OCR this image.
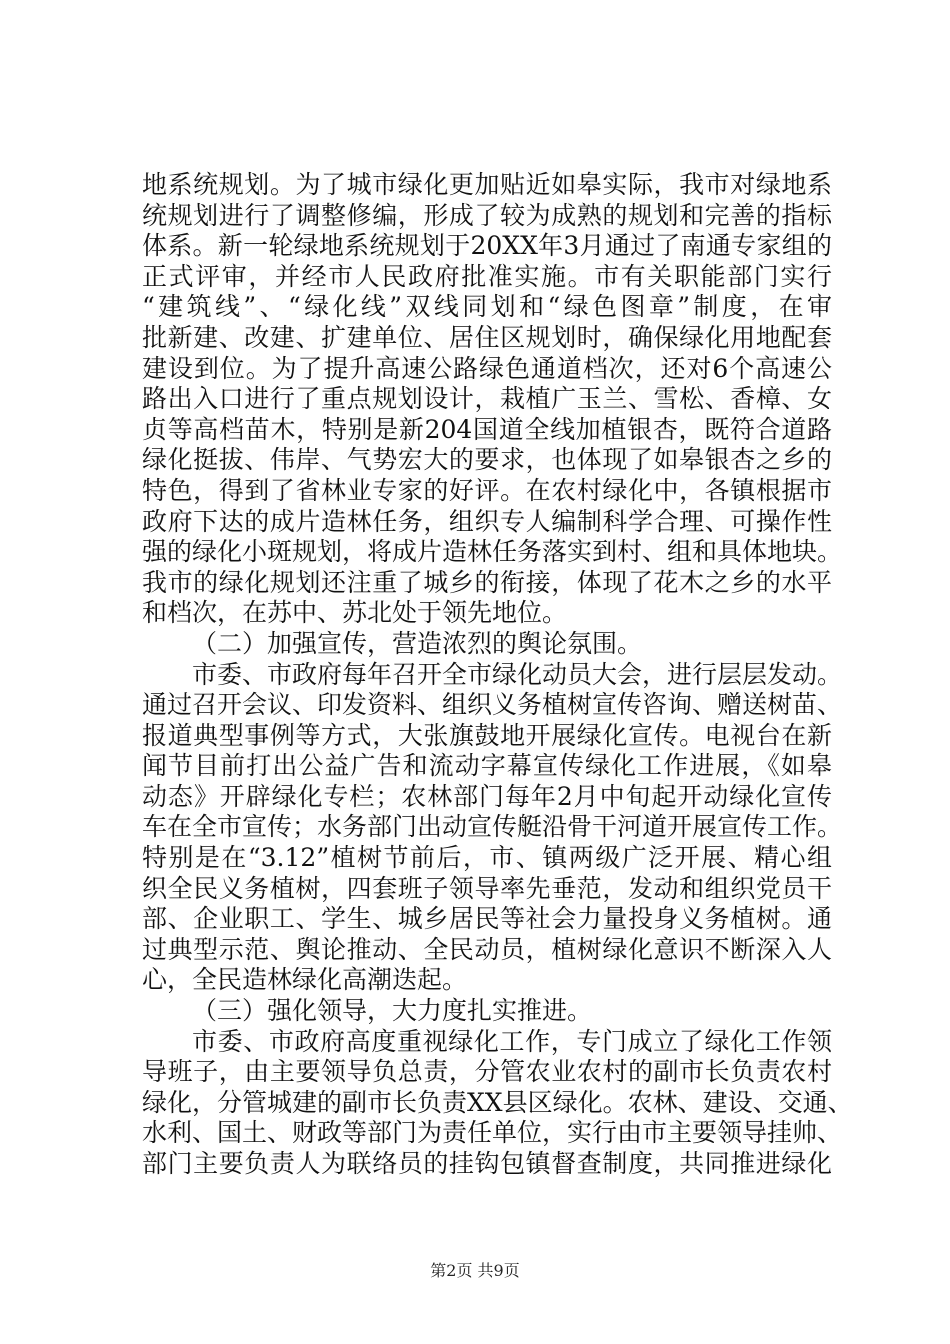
地系统规划。为了城市绿化更加贴近如皋实际，我市对绿地系
统规划进行了调整修编，形成了较为成熟的规划和完善的指标
体系。新一轮绿地系统规划于20XX年3月通过了南通专家组的
正式评审，并经市人民政府批准实施。市有关职能部门实行
“建筑线”、“绿化线”双线同划和“绿色图章”制度，在审
批新建、改建、扩建单位、居住区规划时，确保绿化用地配套
建设到位。为了提升高速公路绿色通道档次，还对6个高速公
路出入口进行了重点规划设计，栽植广玉兰、雪松、香樟、女
贞等高档苗木，特别是新204国道全线加植银杏，既符合道路
绿化挺拔、伟岸、气势宏大的要求，也体现了如皋银杏之乡的
特色，得到了省林业专家的好评。在农村绿化中，各镇根据市
政府下达的成片造林任务，组织专人编制科学合理、可操作性
强的绿化小斑规划，将成片造林任务落实到村、组和具体地块。
我市的绿化规划还注重了城乡的衔接，体现了花木之乡的水平
和档次，在苏中、苏北处于领先地位。
（二）加强宣传，营造浓烈的舆论氛围。
市委、市政府每年召开全市绿化动员大会，进行层层发动。
通过召开会议、印发资料、组织义务植树宣传咨询、赠送树苗、
报道典型事例等方式，大张旗鼓地开展绿化宣传。电视台在新
闻节目前打出公益广告和流动字幕宣传绿化工作进展，《如皋
动态》开辟绿化专栏；农林部门每年2月中旬起开动绿化宣传
车在全市宣传；水务部门出动宣传艇沿骨干河道开展宣传工作。
特别是在“3.12”植树节前后，市、镇两级广泛开展、精心组
织全民义务植树，四套班子领导率先垂范，发动和组织党员干
部、企业职工、学生、城乡居民等社会力量投身义务植树。通
过典型示范、舆论推动、全民动员，植树绿化意识不断深入人
心，全民造林绿化高潮迭起。
（三）强化领导，大力度扎实推进。
市委、市政府高度重视绿化工作，专门成立了绿化工作领
导班子，由主要领导负总责，分管农业农村的副市长负责农村
绿化，分管城建的副市长负责XX县区绿化。农林、建设、交通、
水利、国土、财政等部门为责任单位，实行由市主要领导挂帅、
部门主要负责人为联络员的挂钩包镇督查制度，共同推进绿化
第2页 共9页
